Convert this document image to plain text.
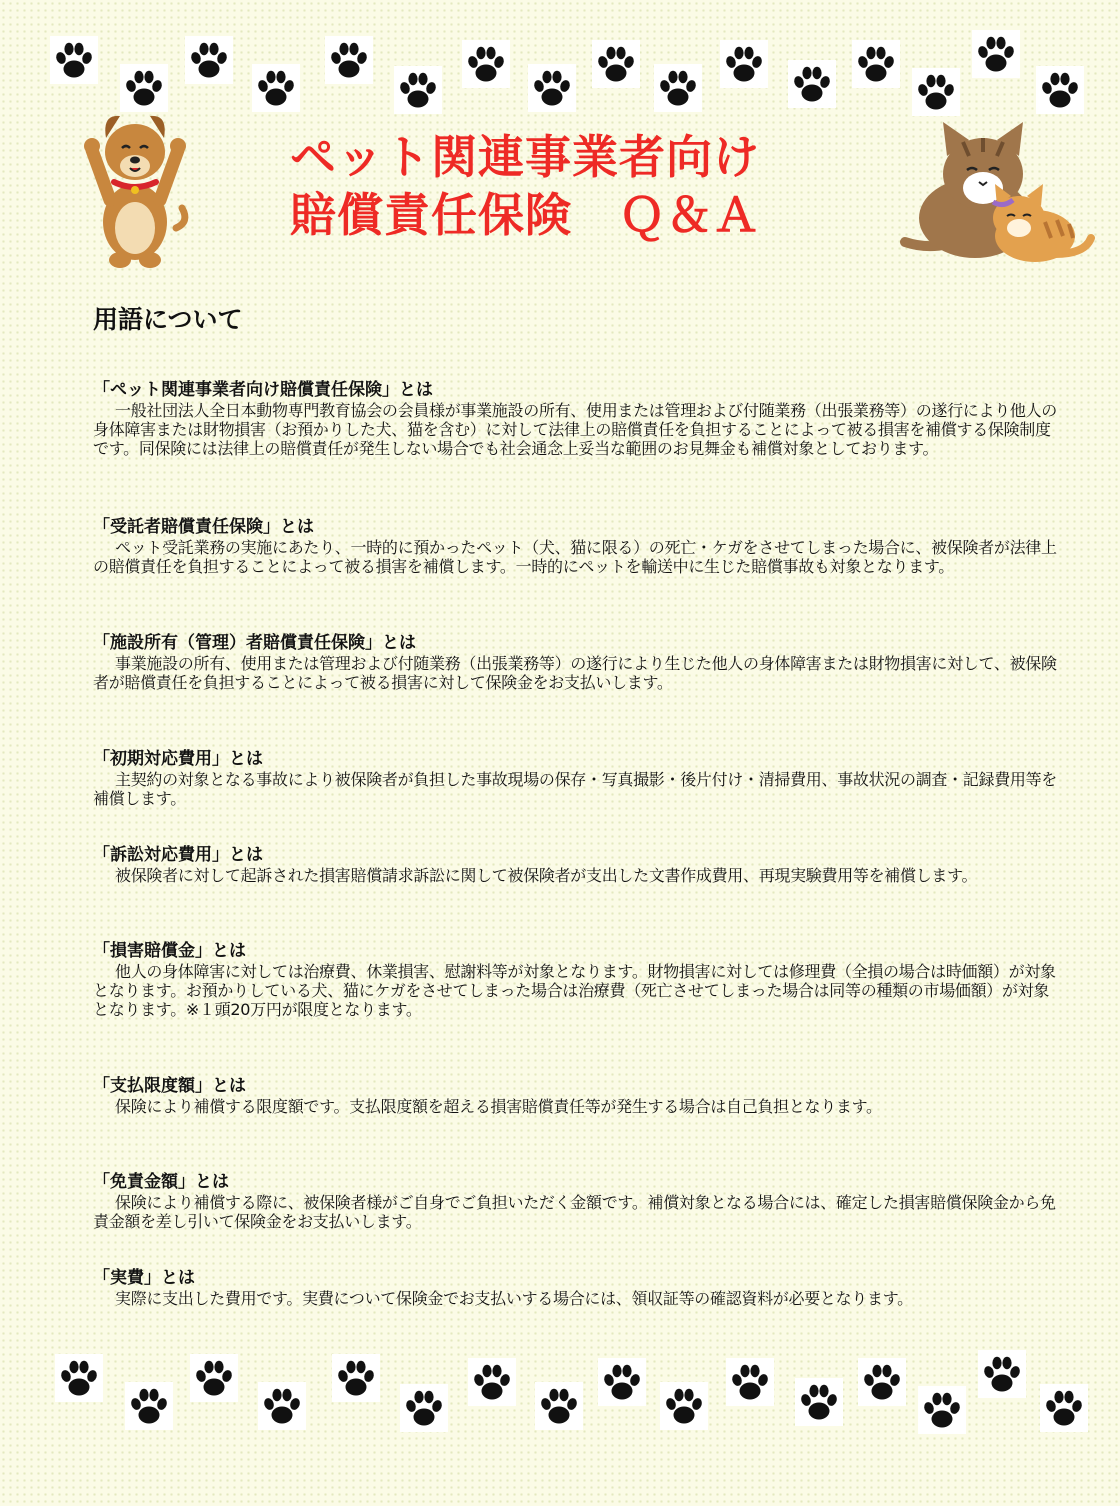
ペット関連事業者向け
賠償責任保険　Ｑ＆Ａ
用語について

「ペット関連事業者向け賠償責任保険」とは

一般社団法人全日本動物専門教育協会の会員様が事業施設の所有、使用または管理および付随業務（出張業務等）の遂行により他人の身体障害または財物損害（お預かりした犬、猫を含む）に対して法律上の賠償責任を負担することによって被る損害を補償する保険制度です。同保険には法律上の賠償責任が発生しない場合でも社会通念上妥当な範囲のお見舞金も補償対象としております。

「受託者賠償責任保険」とは

ペット受託業務の実施にあたり、一時的に預かったペット（犬、猫に限る）の死亡・ケガをさせてしまった場合に、被保険者が法律上の賠償責任を負担することによって被る損害を補償します。一時的にペットを輸送中に生じた賠償事故も対象となります。

「施設所有（管理）者賠償責任保険」とは

事業施設の所有、使用または管理および付随業務（出張業務等）の遂行により生じた他人の身体障害または財物損害に対して、被保険者が賠償責任を負担することによって被る損害に対して保険金をお支払いします。

「初期対応費用」とは

主契約の対象となる事故により被保険者が負担した事故現場の保存・写真撮影・後片付け・清掃費用、事故状況の調査・記録費用等を補償します。

「訴訟対応費用」とは

被保険者に対して起訴された損害賠償請求訴訟に関して被保険者が支出した文書作成費用、再現実験費用等を補償します。

「損害賠償金」とは

他人の身体障害に対しては治療費、休業損害、慰謝料等が対象となります。財物損害に対しては修理費（全損の場合は時価額）が対象となります。お預かりしている犬、猫にケガをさせてしまった場合は治療費（死亡させてしまった場合は同等の種類の市場価額）が対象となります。※１頭20万円が限度となります。

「支払限度額」とは

保険により補償する限度額です。支払限度額を超える損害賠償責任等が発生する場合は自己負担となります。

「免責金額」とは

保険により補償する際に、被保険者様がご自身でご負担いただく金額です。補償対象となる場合には、確定した損害賠償保険金から免責金額を差し引いて保険金をお支払いします。

「実費」とは

実際に支出した費用です。実費について保険金でお支払いする場合には、領収証等の確認資料が必要となります。
